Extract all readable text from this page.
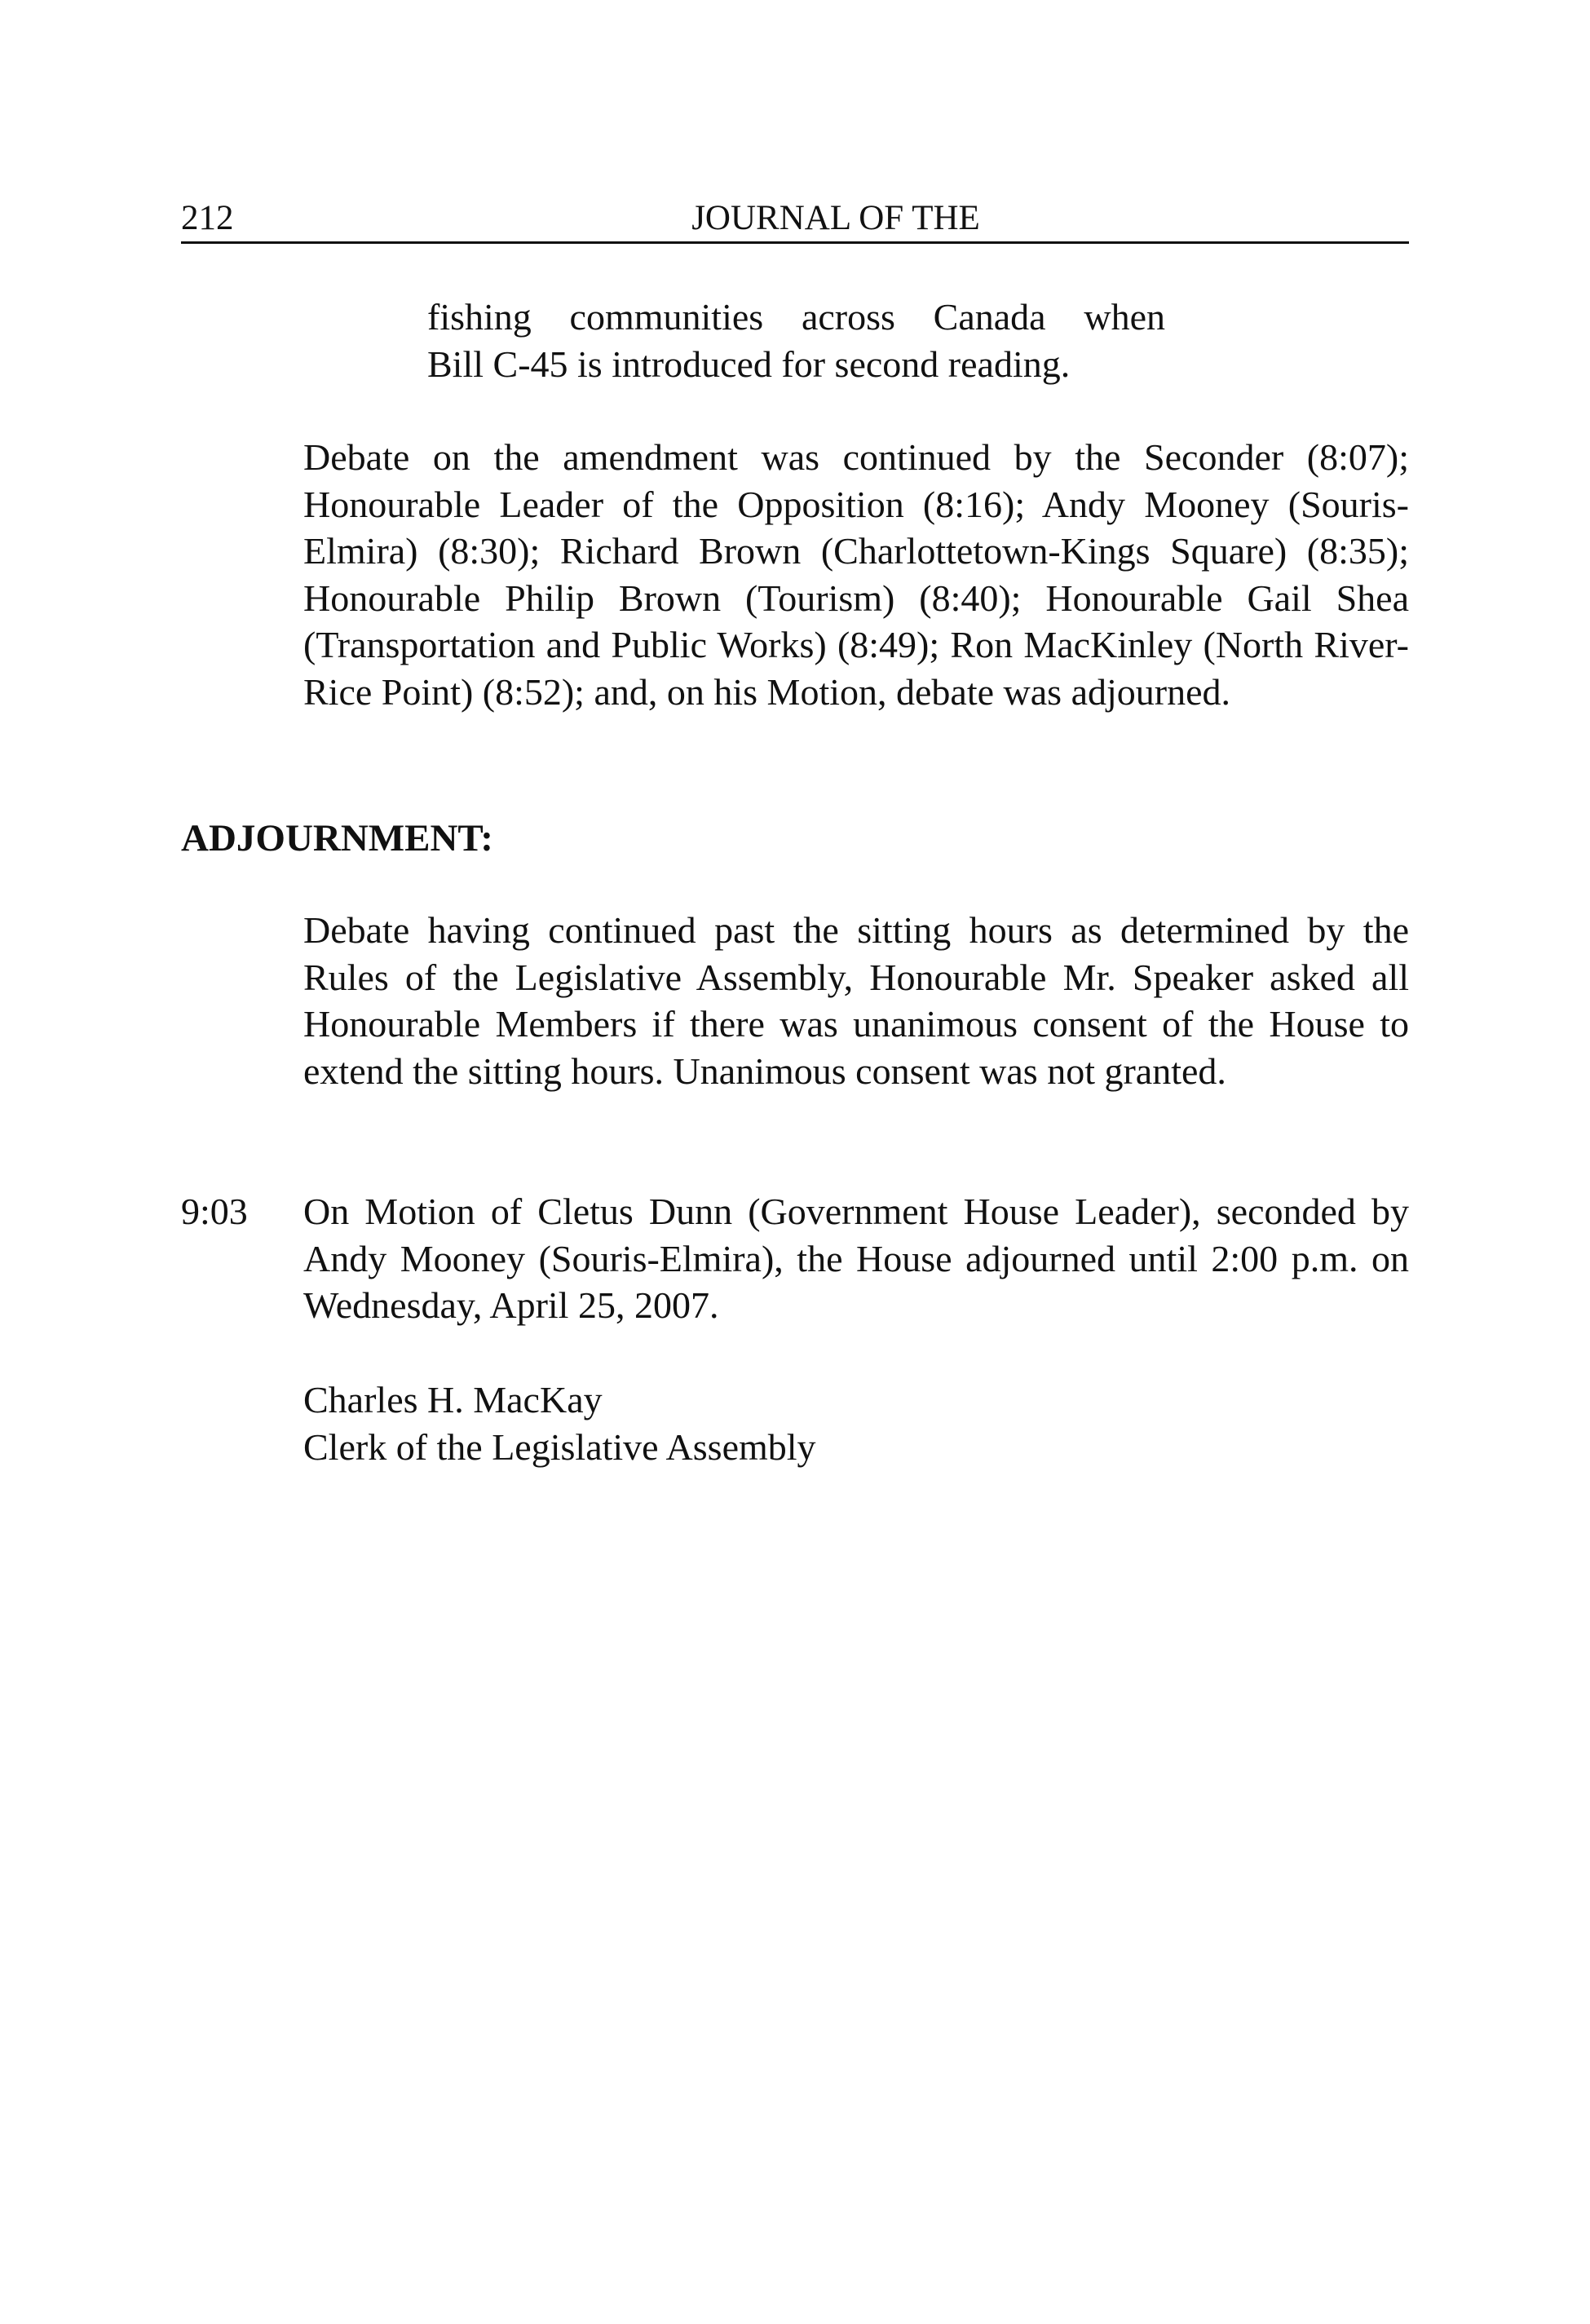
212	JOURNAL OF THE
fishing communities across Canada when
Bill C-45 is introduced for second reading.

Debate on the amendment was continued by the Seconder (8:07); Honourable Leader of the Opposition (8:16); Andy Mooney (Souris-Elmira) (8:30); Richard Brown (Charlottetown-Kings Square) (8:35); Honourable Philip Brown (Tourism) (8:40); Honourable Gail Shea (Transportation and Public Works) (8:49); Ron MacKinley (North River-Rice Point) (8:52); and, on his Motion, debate was adjourned.

ADJOURNMENT:

Debate having continued past the sitting hours as determined by the Rules of the Legislative Assembly, Honourable Mr. Speaker asked all Honourable Members if there was unanimous consent of the House to extend the sitting hours. Unanimous consent was not granted.

9:03 On Motion of Cletus Dunn (Government House Leader), seconded by Andy Mooney (Souris-Elmira), the House adjourned until 2:00 p.m. on Wednesday, April 25, 2007.

Charles H. MacKay
Clerk of the Legislative Assembly
